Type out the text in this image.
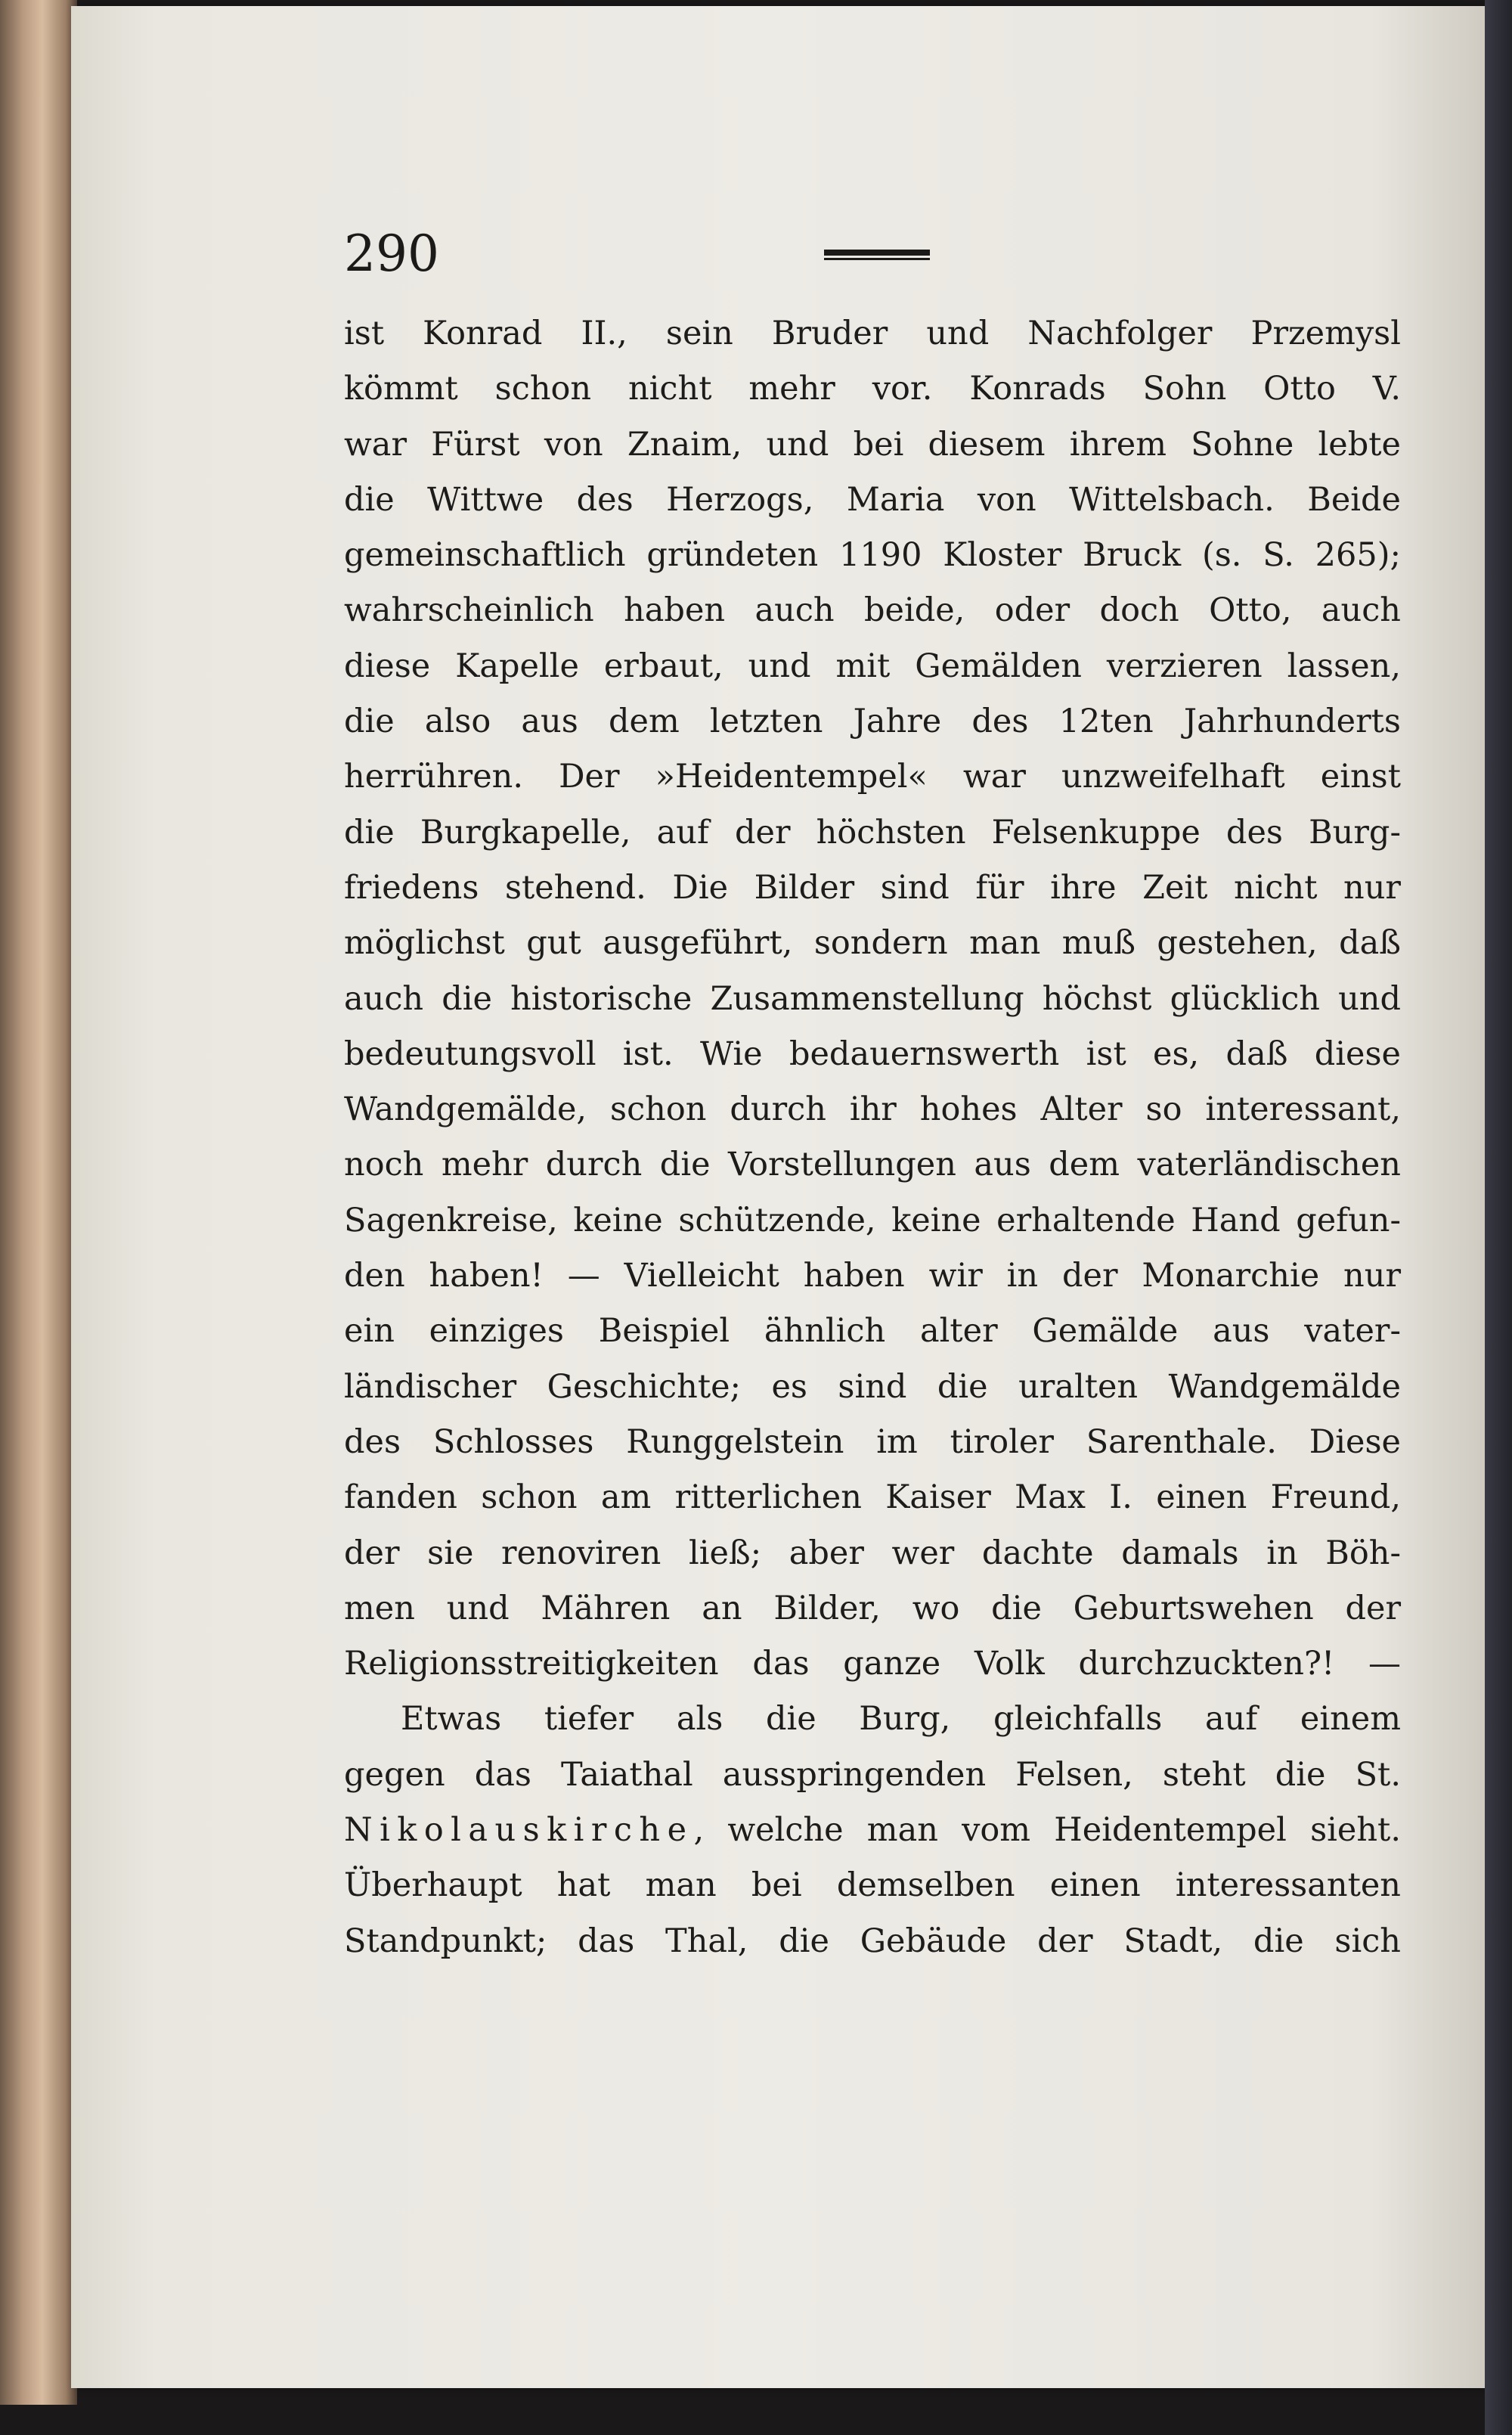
290
ist Konrad II., sein Bruder und Nachfolger Przemysl
kömmt schon nicht mehr vor. Konrads Sohn Otto V.
war Fürst von Znaim, und bei diesem ihrem Sohne lebte
die Wittwe des Herzogs, Maria von Wittelsbach. Beide
gemeinschaftlich gründeten 1190 Kloster Bruck (s. S. 265);
wahrscheinlich haben auch beide, oder doch Otto, auch
diese Kapelle erbaut, und mit Gemälden verzieren lassen,
die also aus dem letzten Jahre des 12ten Jahrhunderts
herrühren. Der »Heidentempel« war unzweifelhaft einst
die Burgkapelle, auf der höchsten Felsenkuppe des Burg-
friedens stehend. Die Bilder sind für ihre Zeit nicht nur
möglichst gut ausgeführt, sondern man muß gestehen, daß
auch die historische Zusammenstellung höchst glücklich und
bedeutungsvoll ist. Wie bedauernswerth ist es, daß diese
Wandgemälde, schon durch ihr hohes Alter so interessant,
noch mehr durch die Vorstellungen aus dem vaterländischen
Sagenkreise, keine schützende, keine erhaltende Hand gefun-
den haben! — Vielleicht haben wir in der Monarchie nur
ein einziges Beispiel ähnlich alter Gemälde aus vater-
ländischer Geschichte; es sind die uralten Wandgemälde
des Schlosses Runggelstein im tiroler Sarenthale. Diese
fanden schon am ritterlichen Kaiser Max I. einen Freund,
der sie renoviren ließ; aber wer dachte damals in Böh-
men und Mähren an Bilder, wo die Geburtswehen der
Religionsstreitigkeiten das ganze Volk durchzuckten?! —
Etwas tiefer als die Burg, gleichfalls auf einem
gegen das Taiathal ausspringenden Felsen, steht die St.
Nikolauskirche, welche man vom Heidentempel sieht.
Überhaupt hat man bei demselben einen interessanten
Standpunkt; das Thal, die Gebäude der Stadt, die sich
